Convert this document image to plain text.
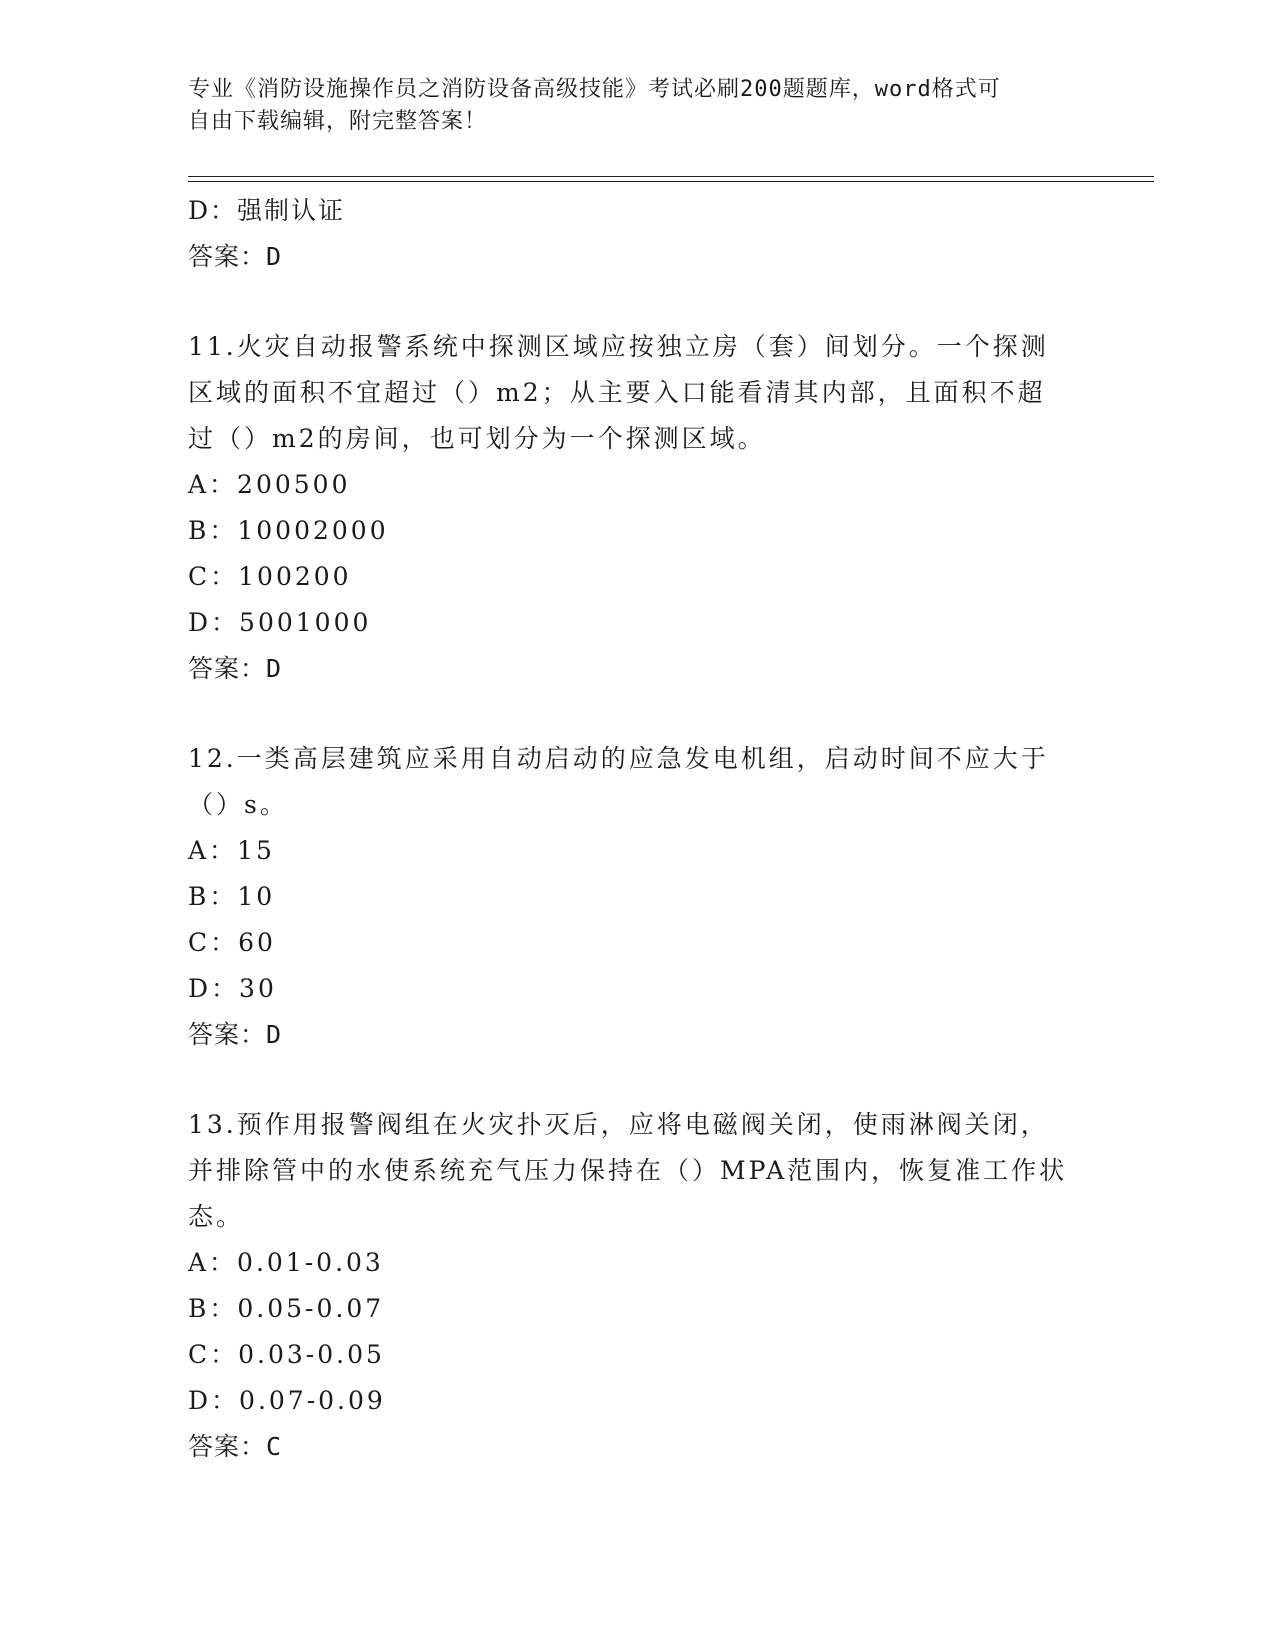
专业《消防设施操作员之消防设备高级技能》考试必刷200题题库，word格式可
自由下载编辑，附完整答案！
D：强制认证
答案：D
11.火灾自动报警系统中探测区域应按独立房（套）间划分。一个探测
区域的面积不宜超过（）m2；从主要入口能看清其内部，且面积不超
过（）m2的房间，也可划分为一个探测区域。
A：200500
B：10002000
C：100200
D：5001000
答案：D
12.一类高层建筑应采用自动启动的应急发电机组，启动时间不应大于
（）s。
A：15
B：10
C：60
D：30
答案：D
13.预作用报警阀组在火灾扑灭后，应将电磁阀关闭，使雨淋阀关闭，
并排除管中的水使系统充气压力保持在（）MPA范围内，恢复准工作状
态。
A：0.01-0.03
B：0.05-0.07
C：0.03-0.05
D：0.07-0.09
答案：C
